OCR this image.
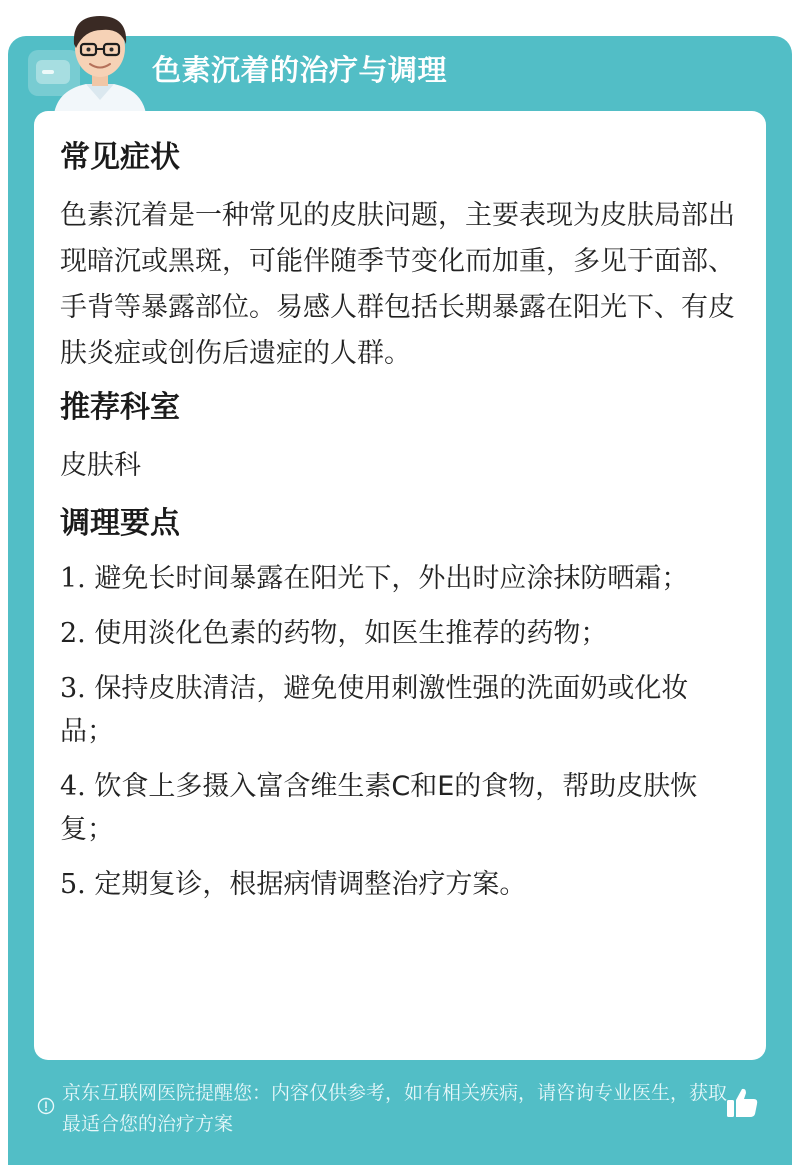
色素沉着的治疗与调理
常见症状
色素沉着是一种常见的皮肤问题，主要表现为皮肤局部出现暗沉或黑斑，可能伴随季节变化而加重，多见于面部、手背等暴露部位。易感人群包括长期暴露在阳光下、有皮肤炎症或创伤后遗症的人群。
推荐科室
皮肤科
调理要点
1. 避免长时间暴露在阳光下，外出时应涂抹防晒霜；
2. 使用淡化色素的药物，如医生推荐的药物；
3. 保持皮肤清洁，避免使用刺激性强的洗面奶或化妆品；
4. 饮食上多摄入富含维生素C和E的食物，帮助皮肤恢复；
5. 定期复诊，根据病情调整治疗方案。
京东互联网医院提醒您：内容仅供参考，如有相关疾病，请咨询专业医生，获取最适合您的治疗方案
